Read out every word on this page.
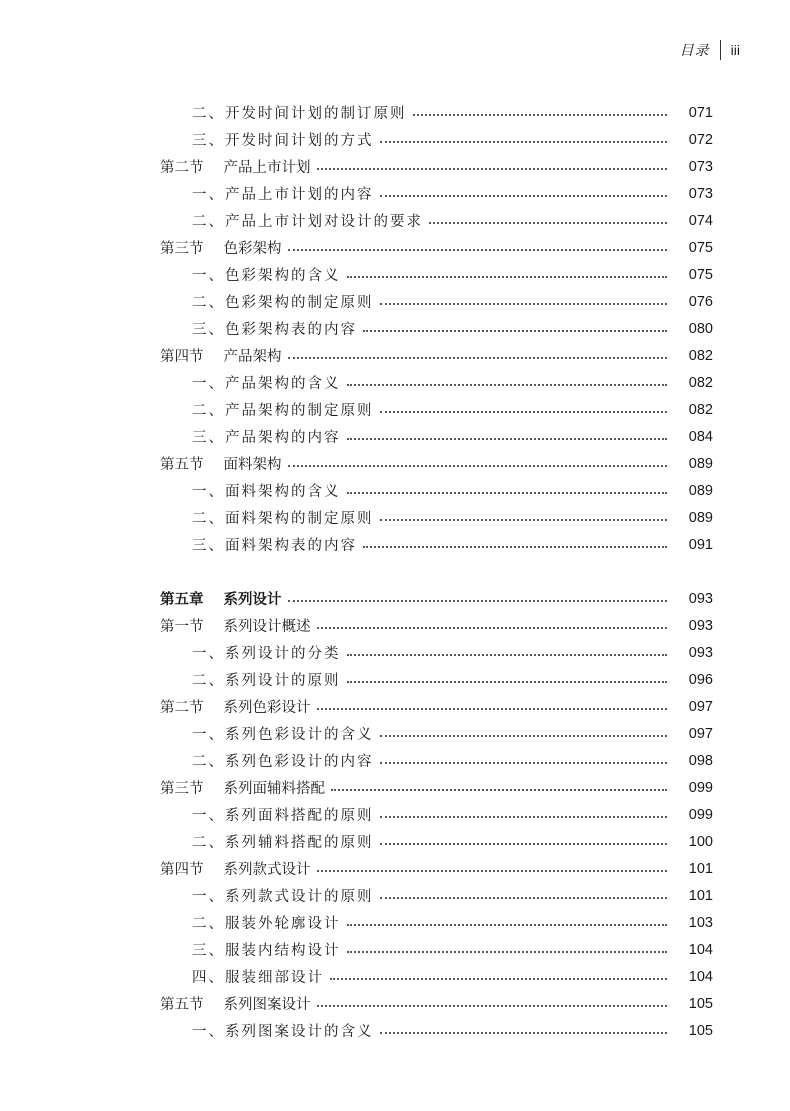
目录 iii
二、开发时间计划的制订原则	071
三、开发时间计划的方式	072
第二节 产品上市计划	073
一、产品上市计划的内容	073
二、产品上市计划对设计的要求	074
第三节 色彩架构	075
一、色彩架构的含义	075
二、色彩架构的制定原则	076
三、色彩架构表的内容	080
第四节 产品架构	082
一、产品架构的含义	082
二、产品架构的制定原则	082
三、产品架构的内容	084
第五节 面料架构	089
一、面料架构的含义	089
二、面料架构的制定原则	089
三、面料架构表的内容	091
第五章 系列设计	093
第一节 系列设计概述	093
一、系列设计的分类	093
二、系列设计的原则	096
第二节 系列色彩设计	097
一、系列色彩设计的含义	097
二、系列色彩设计的内容	098
第三节 系列面辅料搭配	099
一、系列面料搭配的原则	099
二、系列辅料搭配的原则	100
第四节 系列款式设计	101
一、系列款式设计的原则	101
二、服装外轮廓设计	103
三、服装内结构设计	104
四、服装细部设计	104
第五节 系列图案设计	105
一、系列图案设计的含义	105
